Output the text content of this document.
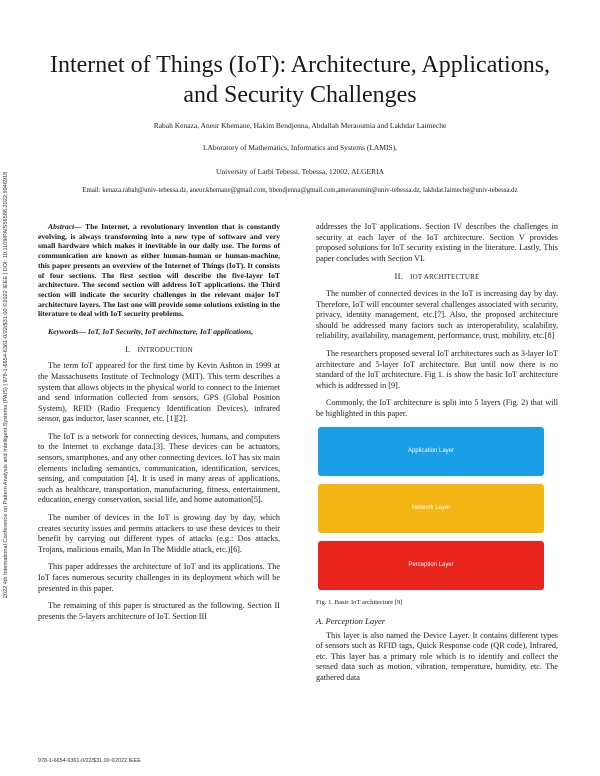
2022 4th International Conference on Pattern Analysis and Intelligent Systems (PAIS) | 978-1-6654-6361-0/22/$31.00 ©2022 IEEE | DOI: 10.1109/PAIS56586.2022.9946918
Internet of Things (IoT): Architecture, Applications, and Security Challenges
Rabah Kenaza, Aneur Khemane, Hakim Bendjenna, Abdallah Meraoumia and Lakhdar Laimeche
LAboratory of Mathematics, Informatics and Systems (LAMIS),
University of Larbi Tebessi, Tebessa, 12002, ALGERIA
Email: kenaza.rabah@univ-tebessa.dz, aneur.khemane@gmail.com, hbendjenna@gmail.com,ameraoumin@univ-tebessa.dz, lakhdar.laimeche@univ-tebessa.dz

Abstract— The Internet, a revolutionary invention that is constantly evolving, is always transforming into a new type of software and very small hardware which makes it inevitable in our daily use. The forms of communication are known as either human-human or human-machine, this paper presents an overview of the Internet of Things (IoT). It consists of four sections. The first section will describe the five-layer IoT architecture. The second section will address IoT applications. the Third section will indicate the security challenges in the relevant major IoT architecture layers. The last one will provide some solutions existing in the literature to deal with IoT security problems.

Keywords— IoT, IoT Security, IoT architecture, IoT applications,

I. INTRODUCTION

The term IoT appeared for the first time by Kevin Ashton in 1999 at the Massachusetts Institute of Technology (MIT). This term describes a system that allows objects in the physical world to connect to the Internet and send information collected from sensors, GPS (Global Position System), RFID (Radio Frequency Identification Devices), infrared sensor, gas inductor, laser scanner, etc. [1][2].

The IoT is a network for connecting devices, humans, and computers to the Internet to exchange data.[3]. These devices can be actuators, sensors, smartphones, and any other connecting devices. IoT has six main elements including semantics, communication, identification, services, sensing, and computation [4]. It is used in many areas of applications, such as healthcare, transportation, manufacturing, fitness, entertainment, education, energy conservation, social life, and home automation[5].

The number of devices in the IoT is growing day by day, which creates security issues and permits attackers to use these devices to their benefit by carrying out different types of attacks (e.g.: Dos attacks, Trojans, malicious emails, Man In The Middle attack, etc.)[6].

This paper addresses the architecture of IoT and its applications. The IoT faces numerous security challenges in its deployment which will be presented in this paper.

The remaining of this paper is structured as the following. Section II presents the 5-layers architecture of IoT. Section III

addresses the IoT applications. Section IV describes the challenges in security at each layer of the IoT architecture. Section V provides proposed solutions for IoT security existing in the literature. Lastly, This paper concludes with Section VI.

II. IOT ARCHITECTURE

The number of connected devices in the IoT is increasing day by day. Therefore, IoT will encounter several challenges associated with security, privacy, identity management, etc.[7]. Also, the proposed architecture should be addressed many factors such as interoperability, scalability, reliability, availability, management, performance, trust, mobility, etc.[8]

The researchers proposed several IoT architectures such as 3-layer IoT architecture and 5-layer IoT architecture. But until now there is no standard of the IoT architecture. Fig 1. is show the basic IoT architecture which is addressed in [9].

Commonly, the IoT architecture is split into 5 layers (Fig. 2) that will be highlighted in this paper.

Application Layer
Network Layer
Perception Layer
Fig. 1. Basic IoT architecture [9]
A. Perception Layer

This layer is also named the Device Layer. It contains different types of sensors such as RFID tags, Quick Response code (QR code), Infrared, etc. This layer has a primary role which is to identify and collect the sensed data such as motion, vibration, temperature, humidity, etc. The gathered data

978-1-6654-6361-0/22/$31.00 ©2022 IEEE
